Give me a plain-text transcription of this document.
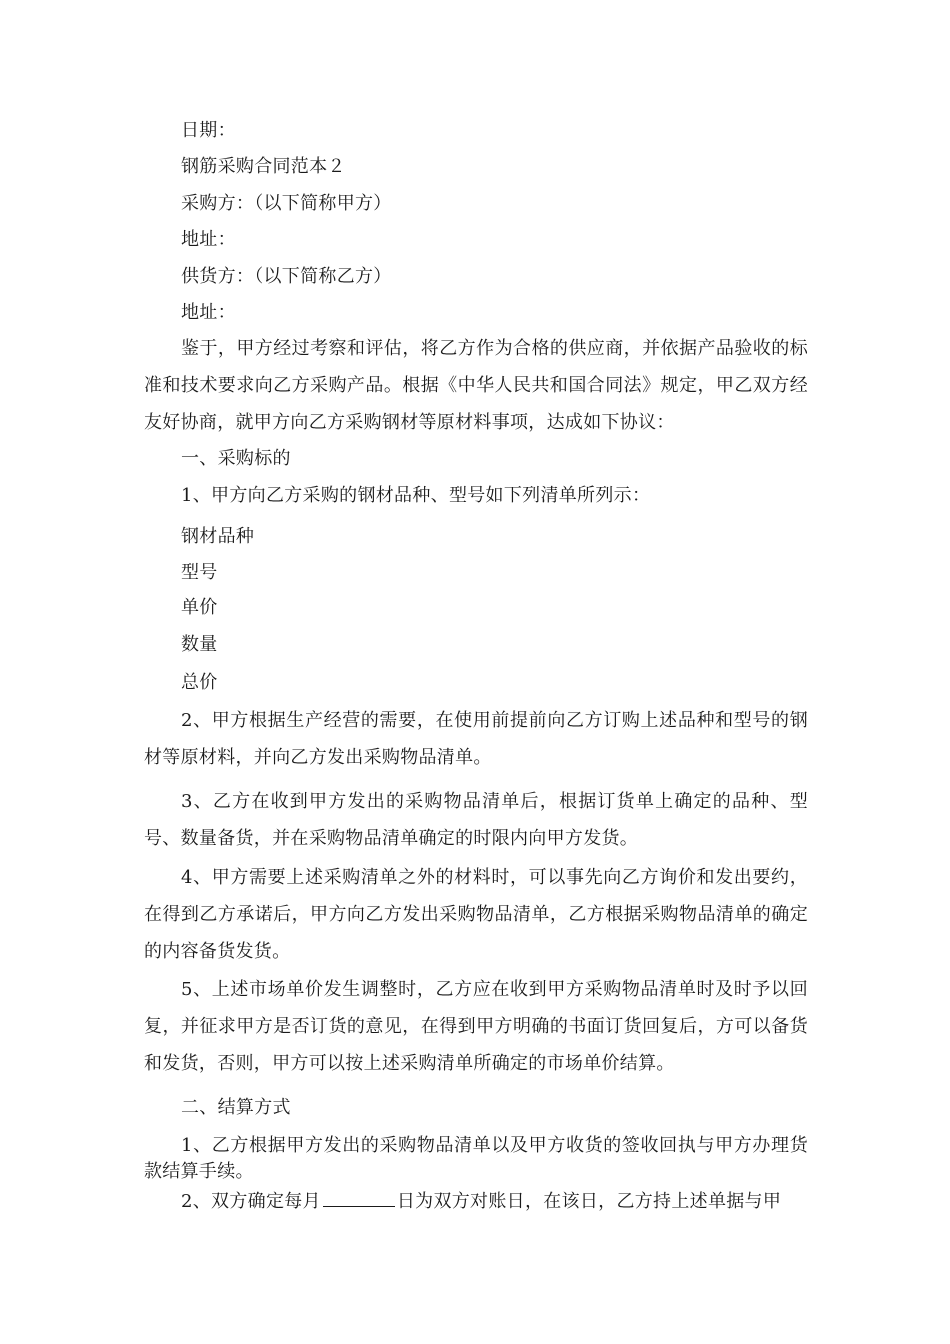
日期：
钢筋采购合同范本２
采购方：（以下简称甲方）
地址：
供货方：（以下简称乙方）
地址：

鉴于，甲方经过考察和评估，将乙方作为合格的供应商，并依据产品验收的标准和技术要求向乙方采购产品。根据《中华人民共和国合同法》规定，甲乙双方经友好协商，就甲方向乙方采购钢材等原材料事项，达成如下协议：

一、采购标的
1、甲方向乙方采购的钢材品种、型号如下列清单所列示：
钢材品种
型号
单价
数量
总价

2、甲方根据生产经营的需要，在使用前提前向乙方订购上述品种和型号的钢材等原材料，并向乙方发出采购物品清单。

3、乙方在收到甲方发出的采购物品清单后，根据订货单上确定的品种、型号、数量备货，并在采购物品清单确定的时限内向甲方发货。

4、甲方需要上述采购清单之外的材料时，可以事先向乙方询价和发出要约，在得到乙方承诺后，甲方向乙方发出采购物品清单，乙方根据采购物品清单的确定的内容备货发货。

5、上述市场单价发生调整时，乙方应在收到甲方采购物品清单时及时予以回复，并征求甲方是否订货的意见，在得到甲方明确的书面订货回复后，方可以备货和发货，否则，甲方可以按上述采购清单所确定的市场单价结算。

二、结算方式

1、乙方根据甲方发出的采购物品清单以及甲方收货的签收回执与甲方办理货款结算手续。

2、双方确定每月	日为双方对账日，在该日，乙方持上述单据与甲
